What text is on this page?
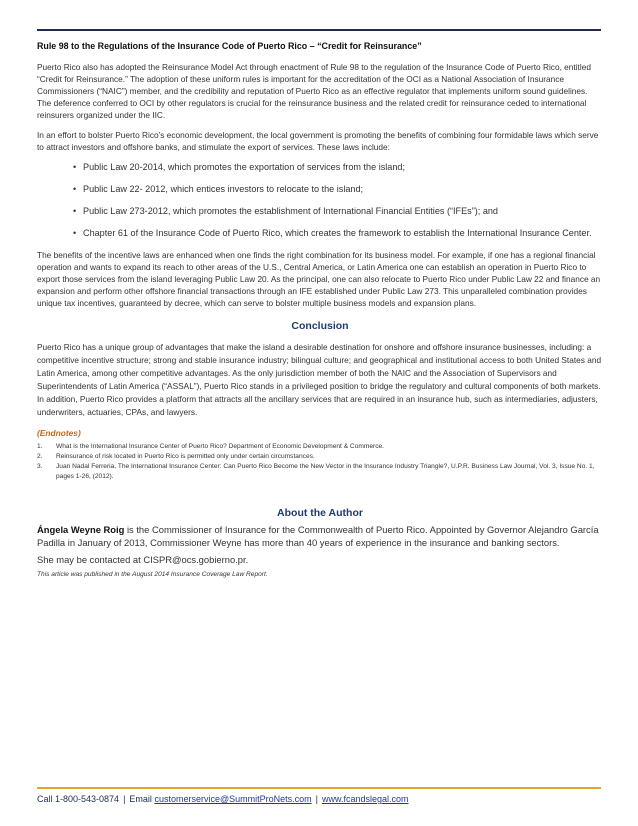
Rule 98 to the Regulations of the Insurance Code of Puerto Rico – “Credit for Reinsurance”

Puerto Rico also has adopted the Reinsurance Model Act through enactment of Rule 98 to the regulation of the Insurance Code of Puerto Rico, entitled “Credit for Reinsurance.” The adoption of these uniform rules is important for the accreditation of the OCI as a National Association of Insurance Commissioners (“NAIC”) member, and the credibility and reputation of Puerto Rico as an effective regulator that implements uniform sound guidelines. The deference conferred to OCI by other regulators is crucial for the reinsurance business and the related credit for reinsurance ceded to international reinsurers organized under the IIC.

In an effort to bolster Puerto Rico’s economic development, the local government is promoting the benefits of combining four formidable laws which serve to attract investors and offshore banks, and stimulate the export of services. These laws include:

• Public Law 20-2014, which promotes the exportation of services from the island;
• Public Law 22- 2012, which entices investors to relocate to the island;
• Public Law 273-2012, which promotes the establishment of International Financial Entities (“IFEs”); and
• Chapter 61 of the Insurance Code of Puerto Rico, which creates the framework to establish the International Insurance Center.

The benefits of the incentive laws are enhanced when one finds the right combination for its business model. For example, if one has a regional financial operation and wants to expand its reach to other areas of the U.S., Central America, or Latin America one can establish an operation in Puerto Rico to export those services from the island leveraging Public Law 20. As the principal, one can also relocate to Puerto Rico under Public Law 22 and finance an expansion and perform other offshore financial transactions through an IFE established under Public Law 273. This unparalleled combination provides unique tax incentives, guaranteed by decree, which can serve to bolster multiple business models and expansion plans.

Conclusion

Puerto Rico has a unique group of advantages that make the island a desirable destination for onshore and offshore insurance businesses, including: a competitive incentive structure; strong and stable insurance industry; bilingual culture; and geographical and institutional access to both United States and Latin America, among other competitive advantages. As the only jurisdiction member of both the NAIC and the Association of Supervisors and Superintendents of Latin America (“ASSAL”), Puerto Rico stands in a privileged position to bridge the regulatory and cultural components of both markets. In addition, Puerto Rico provides a platform that attracts all the ancillary services that are required in an insurance hub, such as intermediaries, adjusters, underwriters, actuaries, CPAs, and lawyers.

(Endnotes)
1. What is the International Insurance Center of Puerto Rico? Department of Economic Development & Commerce.
2. Reinsurance of risk located in Puerto Rico is permitted only under certain circumstances.
3. Juan Nadal Ferreria, The International Insurance Center: Can Puerto Rico Become the New Vector in the Insurance Industry Triangle?, U.P.R. Business Law Journal, Vol. 3, Issue No. 1, pages 1-26, (2012).
About the Author

Ángela Weyne Roig is the Commissioner of Insurance for the Commonwealth of Puerto Rico. Appointed by Governor Alejandro García Padilla in January of 2013, Commissioner Weyne has more than 40 years of experience in the insurance and banking sectors.

She may be contacted at CISPR@ocs.gobierno.pr.

This article was published in the August 2014 Insurance Coverage Law Report.

Call 1-800-543-0874 | Email customerservice@SummitProNets.com | www.fcandslegal.com
